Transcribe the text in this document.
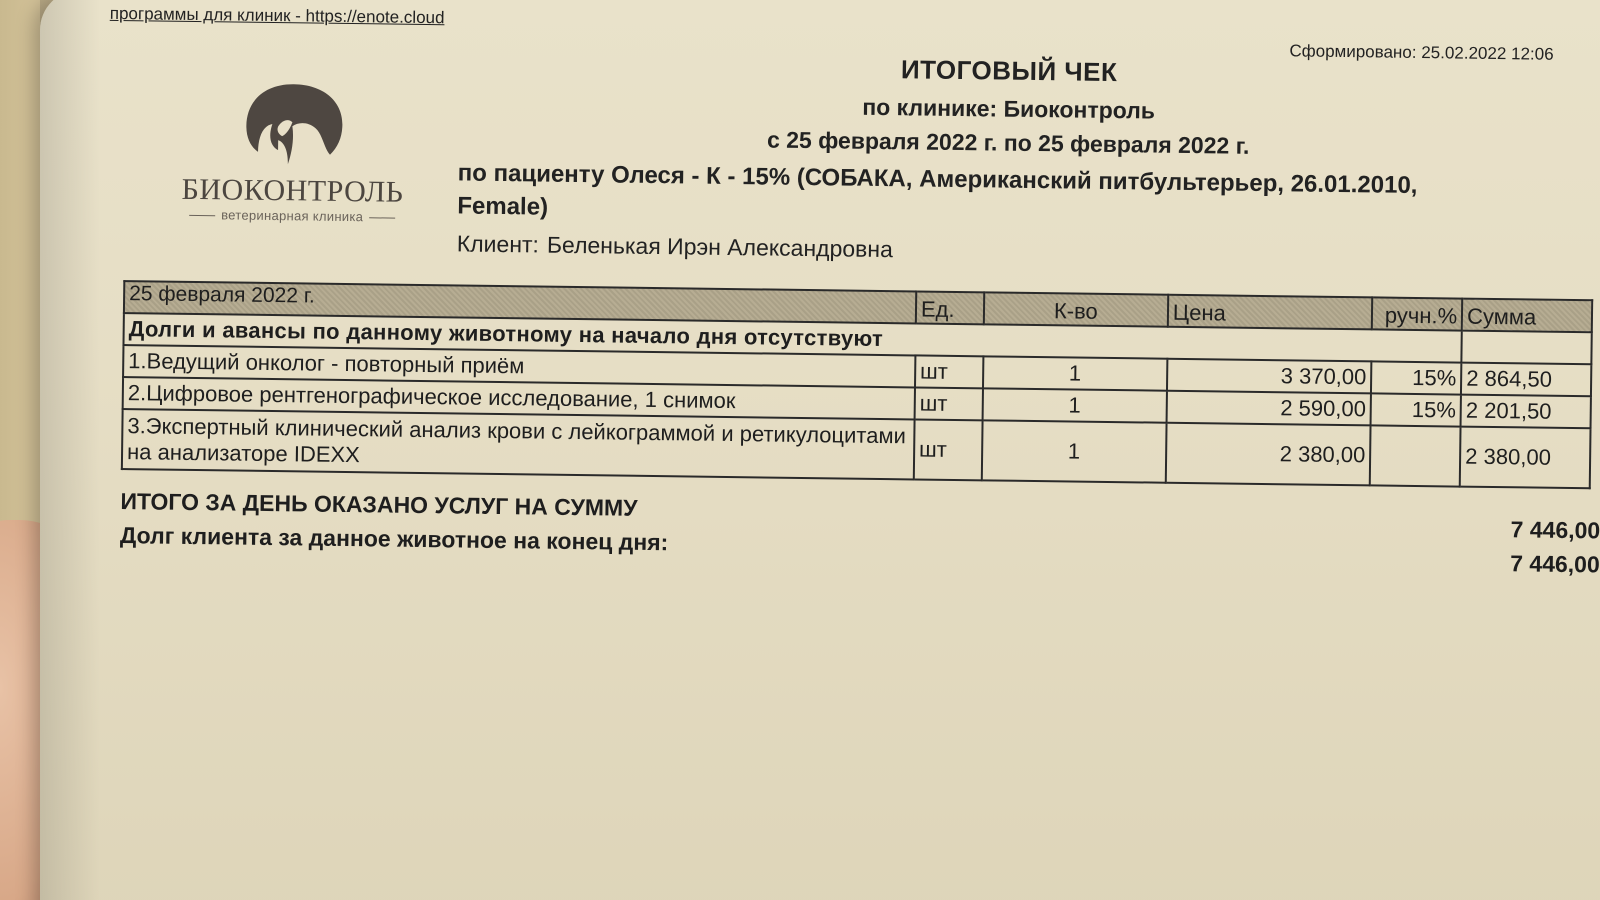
программы для клиник - https://enote.cloud
Сформировано: 25.02.2022 12:06
БИОКОНТРОЛЬ
ветеринарная клиника
ИТОГОВЫЙ ЧЕК
по клинике: Биоконтроль
с 25 февраля 2022 г. по 25 февраля 2022 г.
по пациенту Олеся - К - 15% (СОБАКА, Американский питбультерьер, 26.01.2010, Female)
Клиент: Беленькая Ирэн Александровна
25 февраля 2022 г.	Ед.	К-во	Цена	ручн.%	Сумма
Долги и авансы по данному животному на начало дня отсутствуют					
1.Ведущий онколог - повторный приём	шт	1	3 370,00	15%	2 864,50
2.Цифровое рентгенографическое исследование, 1 снимок	шт	1	2 590,00	15%	2 201,50
3.Экспертный клинический анализ крови с лейкограммой и ретикулоцитами на анализаторе IDEXX	шт	1	2 380,00		2 380,00
ИТОГО ЗА ДЕНЬ ОКАЗАНО УСЛУГ НА СУММУ
7 446,00
Долг клиента за данное животное на конец дня:
7 446,00
